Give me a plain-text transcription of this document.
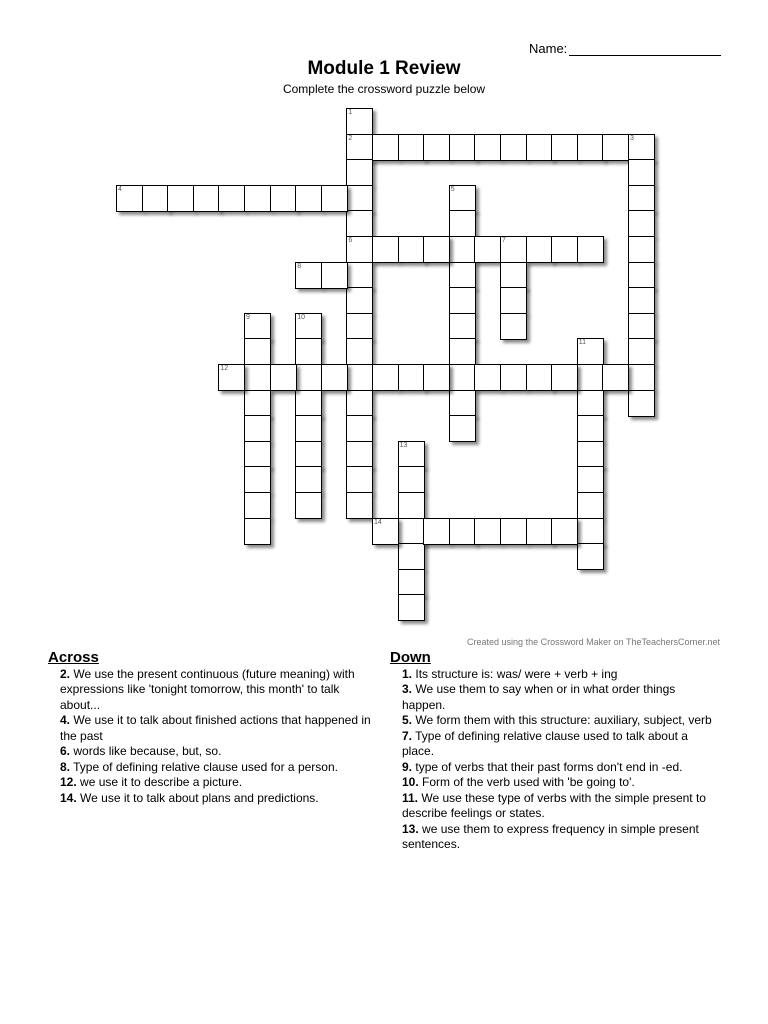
Name:
Module 1 Review
Complete the crossword puzzle below
1
2
6
3
4	5
7
8
9	10
11
12
13
14
Created using the Crossword Maker on TheTeachersCorner.net
Across
2. We use the present continuous (future meaning) with expressions like 'tonight tomorrow, this month' to talk about...
4. We use it to talk about finished actions that happened in the past
6. words like because, but, so.
8. Type of defining relative clause used for a person.
12. we use it to describe a picture.
14. We use it to talk about plans and predictions.
Down
1. Its structure is: was/ were + verb + ing
3. We use them to say when or in what order things happen.
5. We form them with this structure: auxiliary, subject, verb
7. Type of defining relative clause used to talk about a place.
9. type of verbs that their past forms don't end in -ed.
10. Form of the verb used with 'be going to'.
11. We use these type of verbs with the simple present to describe feelings or states.
13. we use them to express frequency in simple present sentences.
